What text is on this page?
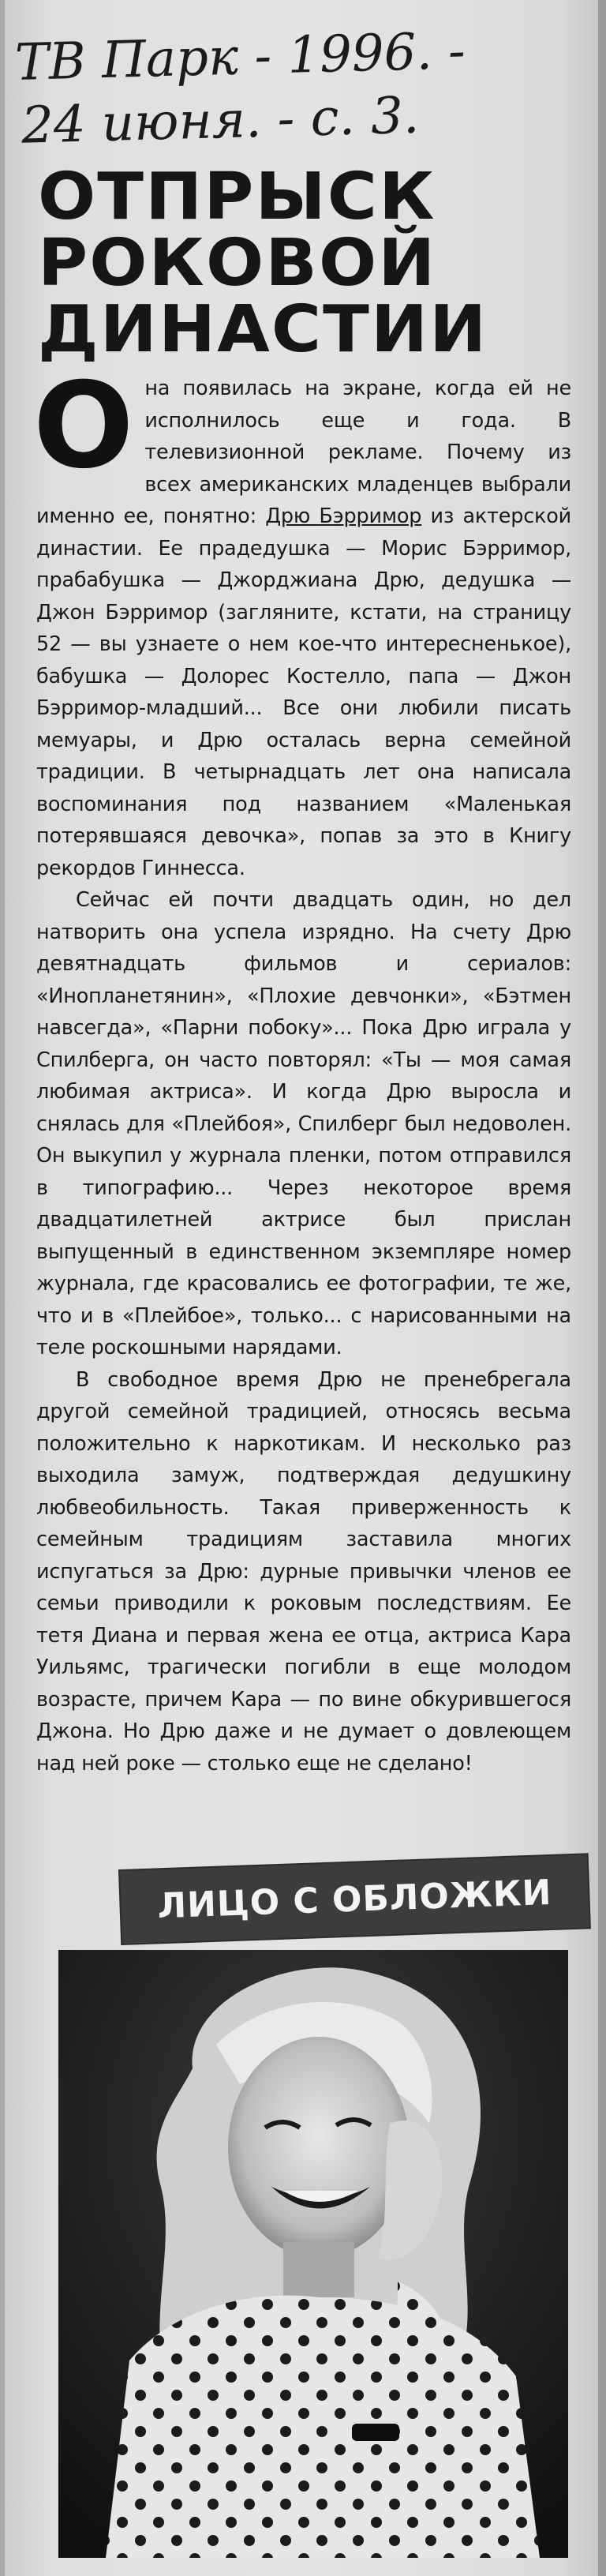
ТВ Парк - 1996. -
24 июня. - с. 3.
ОТПРЫСК
РОКОВОЙ
ДИНАСТИИ

Она появилась на экране, когда ей не исполнилось еще и года. В телевизионной рекламе. Почему из всех американских младенцев выбрали именно ее, понятно: Дрю Бэрримор из актерской династии. Ее прадедушка — Морис Бэрримор, прабабушка — Джорджиана Дрю, дедушка — Джон Бэрримор (загляните, кстати, на страницу 52 — вы узнаете о нем кое-что интересненькое), бабушка — Долорес Костелло, папа — Джон Бэрримор-младший... Все они любили писать мемуары, и Дрю осталась верна семейной традиции. В четырнадцать лет она написала воспоминания под названием «Маленькая потерявшаяся девочка», попав за это в Книгу рекордов Гиннесса.

Сейчас ей почти двадцать один, но дел натворить она успела изрядно. На счету Дрю девятнадцать фильмов и сериалов: «Инопланетянин», «Плохие девчонки», «Бэтмен навсегда», «Парни побоку»... Пока Дрю играла у Спилберга, он часто повторял: «Ты — моя самая любимая актриса». И когда Дрю выросла и снялась для «Плейбоя», Спилберг был недоволен. Он выкупил у журнала пленки, потом отправился в типографию... Через некоторое время двадцатилетней актрисе был прислан выпущенный в единственном экземпляре номер журнала, где красовались ее фотографии, те же, что и в «Плейбое», только... с нарисованными на теле роскошными нарядами.

В свободное время Дрю не пренебрегала другой семейной традицией, относясь весьма положительно к наркотикам. И несколько раз выходила замуж, подтверждая дедушкину любвеобильность. Такая приверженность к семейным традициям заставила многих испугаться за Дрю: дурные привычки членов ее семьи приводили к роковым последствиям. Ее тетя Диана и первая жена ее отца, актриса Кара Уильямс, трагически погибли в еще молодом возрасте, причем Кара — по вине обкурившегося Джона. Но Дрю даже и не думает о довлеющем над ней роке — столько еще не сделано!

ЛИЦО С ОБЛОЖКИ
